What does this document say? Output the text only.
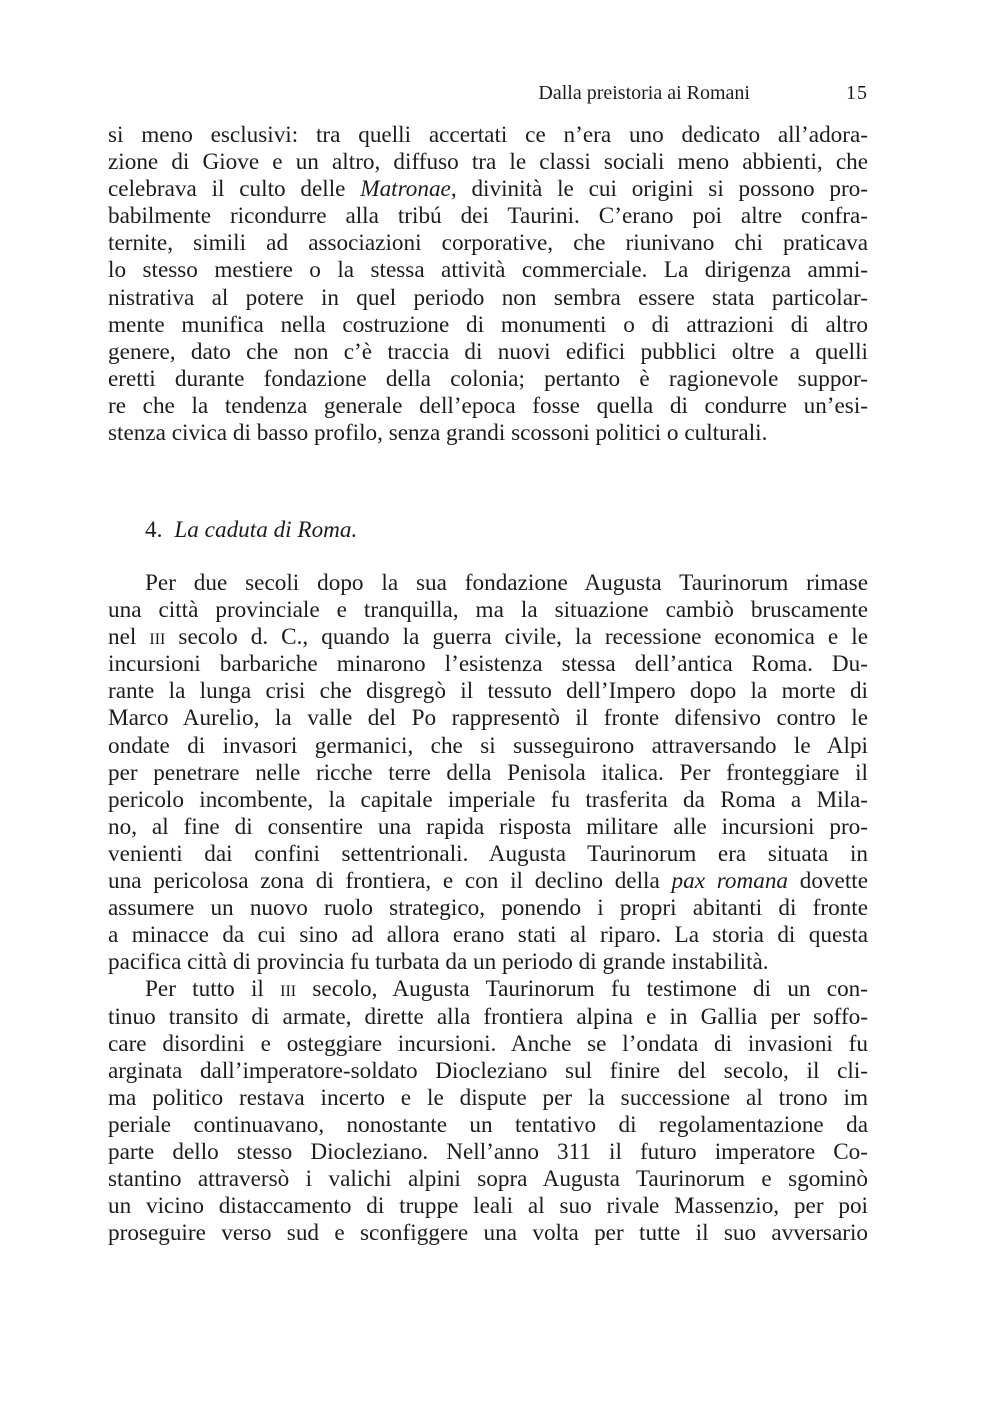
Dalla preistoria ai Romani	15
si meno esclusivi: tra quelli accertati ce n’era uno dedicato all’adora-
zione di Giove e un altro, diffuso tra le classi sociali meno abbienti, che
celebrava il culto delle Matronae, divinità le cui origini si possono pro-
babilmente ricondurre alla tribú dei Taurini. C’erano poi altre confra-
ternite, simili ad associazioni corporative, che riunivano chi praticava
lo stesso mestiere o la stessa attività commerciale. La dirigenza ammi-
nistrativa al potere in quel periodo non sembra essere stata particolar-
mente munifica nella costruzione di monumenti o di attrazioni di altro
genere, dato che non c’è traccia di nuovi edifici pubblici oltre a quelli
eretti durante fondazione della colonia; pertanto è ragionevole suppor-
re che la tendenza generale dell’epoca fosse quella di condurre un’esi-
stenza civica di basso profilo, senza grandi scossoni politici o culturali.
4. La caduta di Roma.
Per due secoli dopo la sua fondazione Augusta Taurinorum rimase
una città provinciale e tranquilla, ma la situazione cambiò bruscamente
nel iii secolo d. C., quando la guerra civile, la recessione economica e le
incursioni barbariche minarono l’esistenza stessa dell’antica Roma. Du-
rante la lunga crisi che disgregò il tessuto dell’Impero dopo la morte di
Marco Aurelio, la valle del Po rappresentò il fronte difensivo contro le
ondate di invasori germanici, che si susseguirono attraversando le Alpi
per penetrare nelle ricche terre della Penisola italica. Per fronteggiare il
pericolo incombente, la capitale imperiale fu trasferita da Roma a Mila-
no, al fine di consentire una rapida risposta militare alle incursioni pro-
venienti dai confini settentrionali. Augusta Taurinorum era situata in
una pericolosa zona di frontiera, e con il declino della pax romana dovette
assumere un nuovo ruolo strategico, ponendo i propri abitanti di fronte
a minacce da cui sino ad allora erano stati al riparo. La storia di questa
pacifica città di provincia fu turbata da un periodo di grande instabilità.
Per tutto il iii secolo, Augusta Taurinorum fu testimone di un con-
tinuo transito di armate, dirette alla frontiera alpina e in Gallia per soffo-
care disordini e osteggiare incursioni. Anche se l’ondata di invasioni fu
arginata dall’imperatore-soldato Diocleziano sul finire del secolo, il cli-
ma politico restava incerto e le dispute per la successione al trono im
periale continuavano, nonostante un tentativo di regolamentazione da
parte dello stesso Diocleziano. Nell’anno 311 il futuro imperatore Co-
stantino attraversò i valichi alpini sopra Augusta Taurinorum e sgominò
un vicino distaccamento di truppe leali al suo rivale Massenzio, per poi
proseguire verso sud e sconfiggere una volta per tutte il suo avversario
